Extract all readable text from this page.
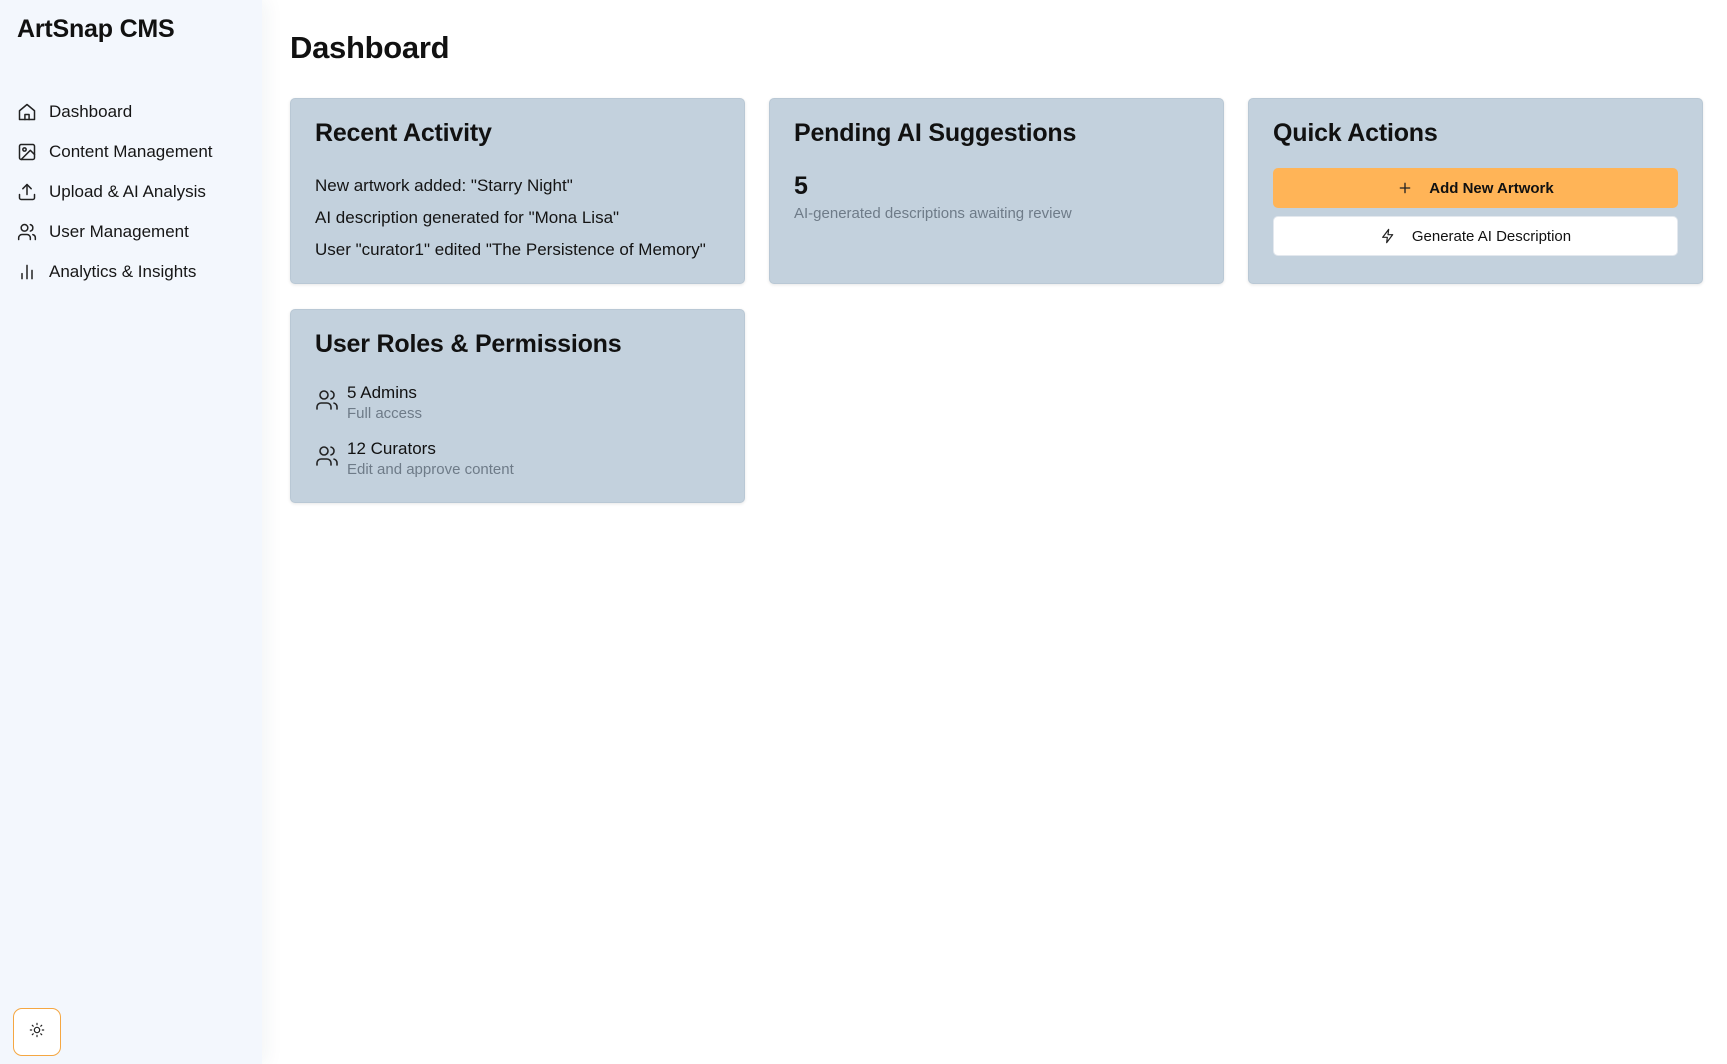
ArtSnap CMS
Dashboard
Content Management
Upload & AI Analysis
User Management
Analytics & Insights
Dashboard
Recent Activity
New artwork added: "Starry Night"
AI description generated for "Mona Lisa"
User "curator1" edited "The Persistence of Memory"
Pending AI Suggestions
5
AI-generated descriptions awaiting review
Quick Actions
Add New Artwork
Generate AI Description
User Roles & Permissions
5 Admins
Full access
12 Curators
Edit and approve content
